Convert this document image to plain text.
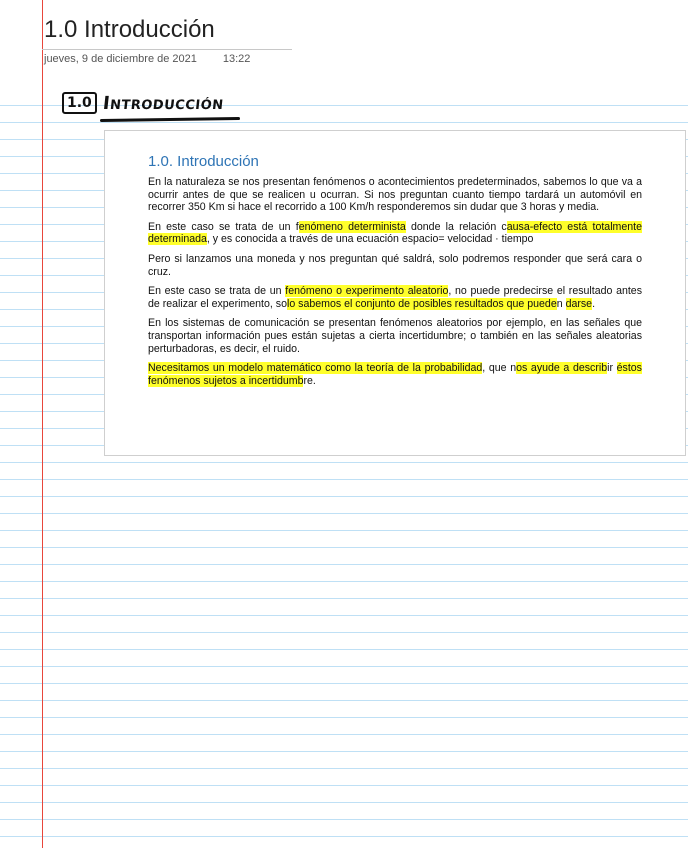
1.0 Introducción
jueves, 9 de diciembre de 2021 13:22
1.0 Introducción
1.0. Introducción

En la naturaleza se nos presentan fenómenos o acontecimientos predeterminados, sabemos lo que va a ocurrir antes de que se realicen u ocurran. Si nos preguntan cuanto tiempo tardará un automóvil en recorrer 350 Km si hace el recorrido a 100 Km/h responderemos sin dudar que 3 horas y media.

En este caso se trata de un fenómeno determinista donde la relación causa-efecto está totalmente determinada, y es conocida a través de una ecuación espacio= velocidad · tiempo

Pero si lanzamos una moneda y nos preguntan qué saldrá, solo podremos responder que será cara o cruz.

En este caso se trata de un fenómeno o experimento aleatorio, no puede predecirse el resultado antes de realizar el experimento, solo sabemos el conjunto de posibles resultados que pueden darse.

En los sistemas de comunicación se presentan fenómenos aleatorios por ejemplo, en las señales que transportan información pues están sujetas a cierta incertidumbre; o también en las señales aleatorias perturbadoras, es decir, el ruido.

Necesitamos un modelo matemático como la teoría de la probabilidad, que nos ayude a describir éstos fenómenos sujetos a incertidumbre.
